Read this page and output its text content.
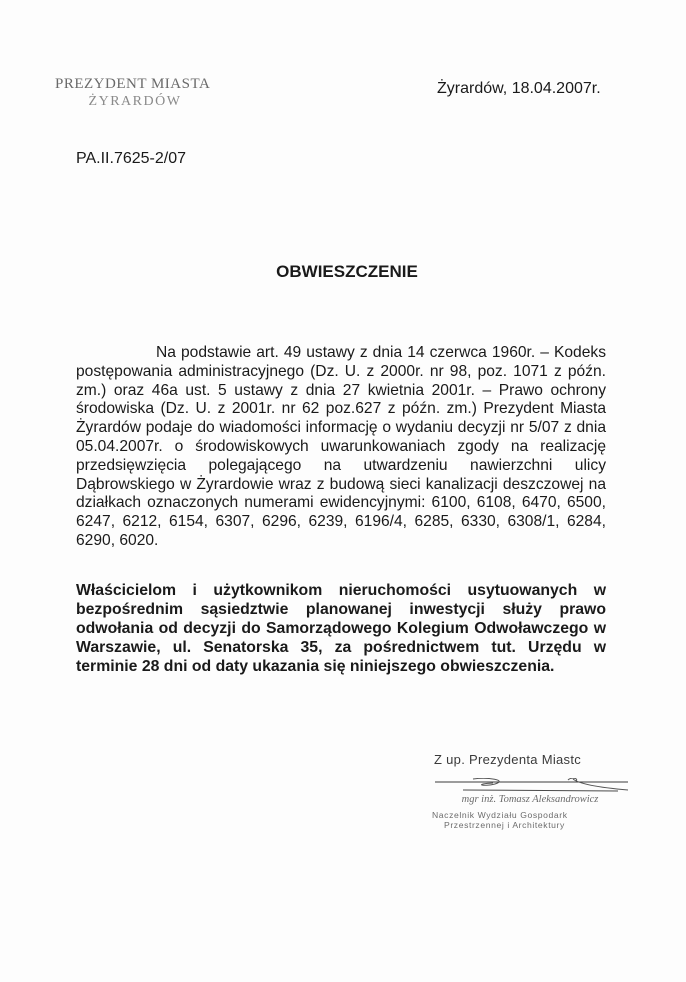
PREZYDENT MIASTA
ŻYRARDÓW
Żyrardów, 18.04.2007r.
PA.II.7625-2/07
OBWIESZCZENIE
Na podstawie art. 49 ustawy z dnia 14 czerwca 1960r. – Kodeks postępowania administracyjnego (Dz. U. z 2000r. nr 98, poz. 1071 z późn. zm.) oraz 46a ust. 5 ustawy z dnia 27 kwietnia 2001r. – Prawo ochrony środowiska (Dz. U. z 2001r. nr 62 poz.627 z późn. zm.) Prezydent Miasta Żyrardów podaje do wiadomości informację o wydaniu decyzji nr 5/07 z dnia 05.04.2007r. o środowiskowych uwarunkowaniach zgody na realizację przedsięwzięcia polegającego na utwardzeniu nawierzchni ulicy Dąbrowskiego w Żyrardowie wraz z budową sieci kanalizacji deszczowej na działkach oznaczonych numerami ewidencyjnymi: 6100, 6108, 6470, 6500, 6247, 6212, 6154, 6307, 6296, 6239, 6196/4, 6285, 6330, 6308/1, 6284, 6290, 6020.
Właścicielom i użytkownikom nieruchomości usytuowanych w bezpośrednim sąsiedztwie planowanej inwestycji służy prawo odwołania od decyzji do Samorządowego Kolegium Odwoławczego w Warszawie, ul. Senatorska 35, za pośrednictwem tut. Urzędu w terminie 28 dni od daty ukazania się niniejszego obwieszczenia.
Z up. Prezydenta Miastc
mgr inż. Tomasz Aleksandrowicz
Naczelnik Wydziału Gospodark
Przestrzennej i Architektury
